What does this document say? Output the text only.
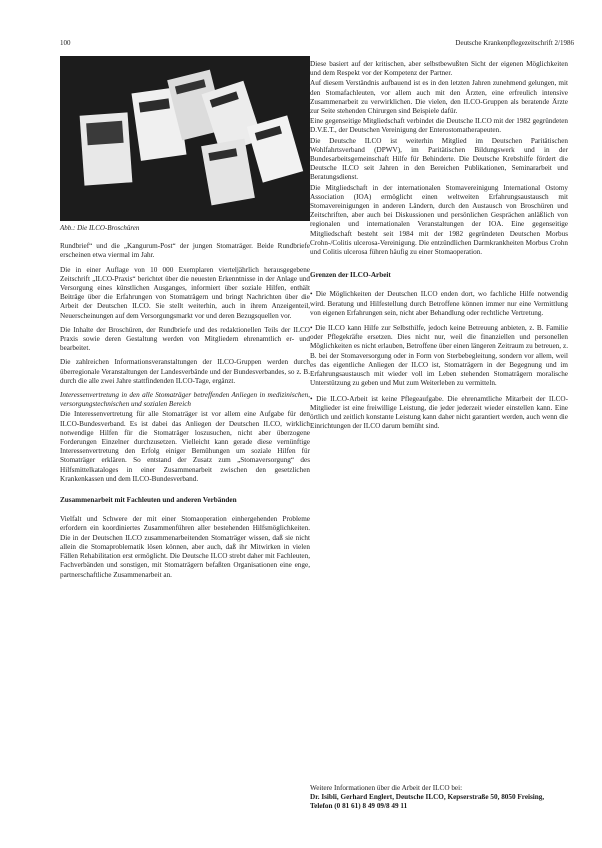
100	Deutsche Krankenpflegezeitschrift 2/1986
Abb.: Die ILCO-Broschüren

Rundbrief“ und die „Kangurum-Post“ der jungen Stomaträger. Beide Rundbriefe erscheinen etwa viermal im Jahr.

Die in einer Auflage von 10 000 Exemplaren vierteljährlich herausgegebene Zeitschrift „ILCO-Praxis“ berichtet über die neuesten Erkenntnisse in der Anlage und Versorgung eines künstlichen Ausganges, informiert über soziale Hilfen, enthält Beiträge über die Erfahrungen von Stomaträgern und bringt Nachrichten über die Arbeit der Deutschen ILCO. Sie stellt weiterhin, auch in ihrem Anzeigenteil, Neuerscheinungen auf dem Versorgungsmarkt vor und deren Bezugsquellen vor.

Die Inhalte der Broschüren, der Rundbriefe und des redaktionellen Teils der ILCO Praxis sowie deren Gestaltung werden von Mitgliedern ehrenamtlich er- und bearbeitet.

Die zahlreichen Informationsveranstaltungen der ILCO-Gruppen werden durch überregionale Veranstaltungen der Landesverbände und der Bundesverbandes, so z. B. durch die alle zwei Jahre stattfindenden ILCO-Tage, ergänzt.

Interessenvertretung in den alle Stomaträger betreffenden Anliegen in medizinischen, versorgungstechnischen und sozialen Bereich

Die Interessenvertretung für alle Stomaträger ist vor allem eine Aufgabe für den ILCO-Bundesverband. Es ist dabei das Anliegen der Deutschen ILCO, wirklich notwendige Hilfen für die Stomaträger loszusuchen, nicht aber überzogene Forderungen Einzelner durchzusetzen. Vielleicht kann gerade diese vernünftige Interessenvertretung den Erfolg einiger Bemühungen um soziale Hilfen für Stomaträger erklären. So entstand der Zusatz zum „Stomaversorgung“ des Hilfsmittelkataloges in einer Zusammenarbeit zwischen den gesetzlichen Krankenkassen und dem ILCO-Bundesverband.

Zusammenarbeit mit Fachleuten und anderen Verbänden

Vielfalt und Schwere der mit einer Stomaoperation einhergehenden Probleme erfordern ein koordiniertes Zusammenführen aller bestehenden Hilfsmöglichkeiten. Die in der Deutschen ILCO zusammenarbeitenden Stomaträger wissen, daß sie nicht allein die Stomaproblematik lösen können, aber auch, daß ihr Mitwirken in vielen Fällen Rehabilitation erst ermöglicht. Die Deutsche ILCO strebt daher mit Fachleuten, Fachverbänden und sonstigen, mit Stomaträgern befaßten Organisationen eine enge, partnerschaftliche Zusammenarbeit an.

Diese basiert auf der kritischen, aber selbstbewußten Sicht der eigenen Möglichkeiten und dem Respekt vor der Kompetenz der Partner.

Auf diesem Verständnis aufbauend ist es in den letzten Jahren zunehmend gelungen, mit den Stomafachleuten, vor allem auch mit den Ärzten, eine erfreulich intensive Zusammenarbeit zu verwirklichen. Die vielen, den ILCO-Gruppen als beratende Ärzte zur Seite stehenden Chirurgen sind Beispiele dafür.

Eine gegenseitige Mitgliedschaft verbindet die Deutsche ILCO mit der 1982 gegründeten D.V.E.T., der Deutschen Vereinigung der Enterostomatherapeuten.

Die Deutsche ILCO ist weiterhin Mitglied im Deutschen Paritätischen Wohlfahrtsverband (DPWV), im Paritätischen Bildungswerk und in der Bundesarbeitsgemeinschaft Hilfe für Behinderte. Die Deutsche Krebshilfe fördert die Deutsche ILCO seit Jahren in den Bereichen Publikationen, Seminararbeit und Beratungsdienst.

Die Mitgliedschaft in der internationalen Stomavereinigung International Ostomy Association (IOA) ermöglicht einen weltweiten Erfahrungsaustausch mit Stomavereinigungen in anderen Ländern, durch den Austausch von Broschüren und Zeitschriften, aber auch bei Diskussionen und persönlichen Gesprächen anläßlich von regionalen und internationalen Veranstaltungen der IOA. Eine gegenseitige Mitgliedschaft besteht seit 1984 mit der 1982 gegründeten Deutschen Morbus Crohn-/Colitis ulcerosa-Vereinigung. Die entzündlichen Darmkrankheiten Morbus Crohn und Colitis ulcerosa führen häufig zu einer Stomaoperation.

Grenzen der ILCO-Arbeit

• Die Möglichkeiten der Deutschen ILCO enden dort, wo fachliche Hilfe notwendig wird. Beratung und Hilfestellung durch Betroffene können immer nur eine Vermittlung von eigenen Erfahrungen sein, nicht aber Behandlung oder rechtliche Vertretung.

• Die ILCO kann Hilfe zur Selbsthilfe, jedoch keine Betreuung anbieten, z. B. Familie oder Pflegekräfte ersetzen. Dies nicht nur, weil die finanziellen und personellen Möglichkeiten es nicht erlauben, Betroffene über einen längeren Zeitraum zu betreuen, z. B. bei der Stomaversorgung oder in Form von Sterbebegleitung, sondern vor allem, weil es das eigentliche Anliegen der ILCO ist, Stomaträgern in der Begegnung und im Erfahrungsaustausch mit wieder voll im Leben stehenden Stomaträgern moralische Unterstützung zu geben und Mut zum Weiterleben zu vermitteln.

• Die ILCO-Arbeit ist keine Pflegeaufgabe. Die ehrenamtliche Mitarbeit der ILCO-Mitglieder ist eine freiwillige Leistung, die jeder jederzeit wieder einstellen kann. Eine örtlich und zeitlich konstante Leistung kann daher nicht garantiert werden, auch wenn die Einrichtungen der ILCO darum bemüht sind.

Weitere Informationen über die Arbeit der ILCO bei:
Dr. Isibli, Gerhard Englert, Deutsche ILCO, Kepserstraße 50, 8050 Freising, Telefon (0 81 61) 8 49 09/8 49 11
